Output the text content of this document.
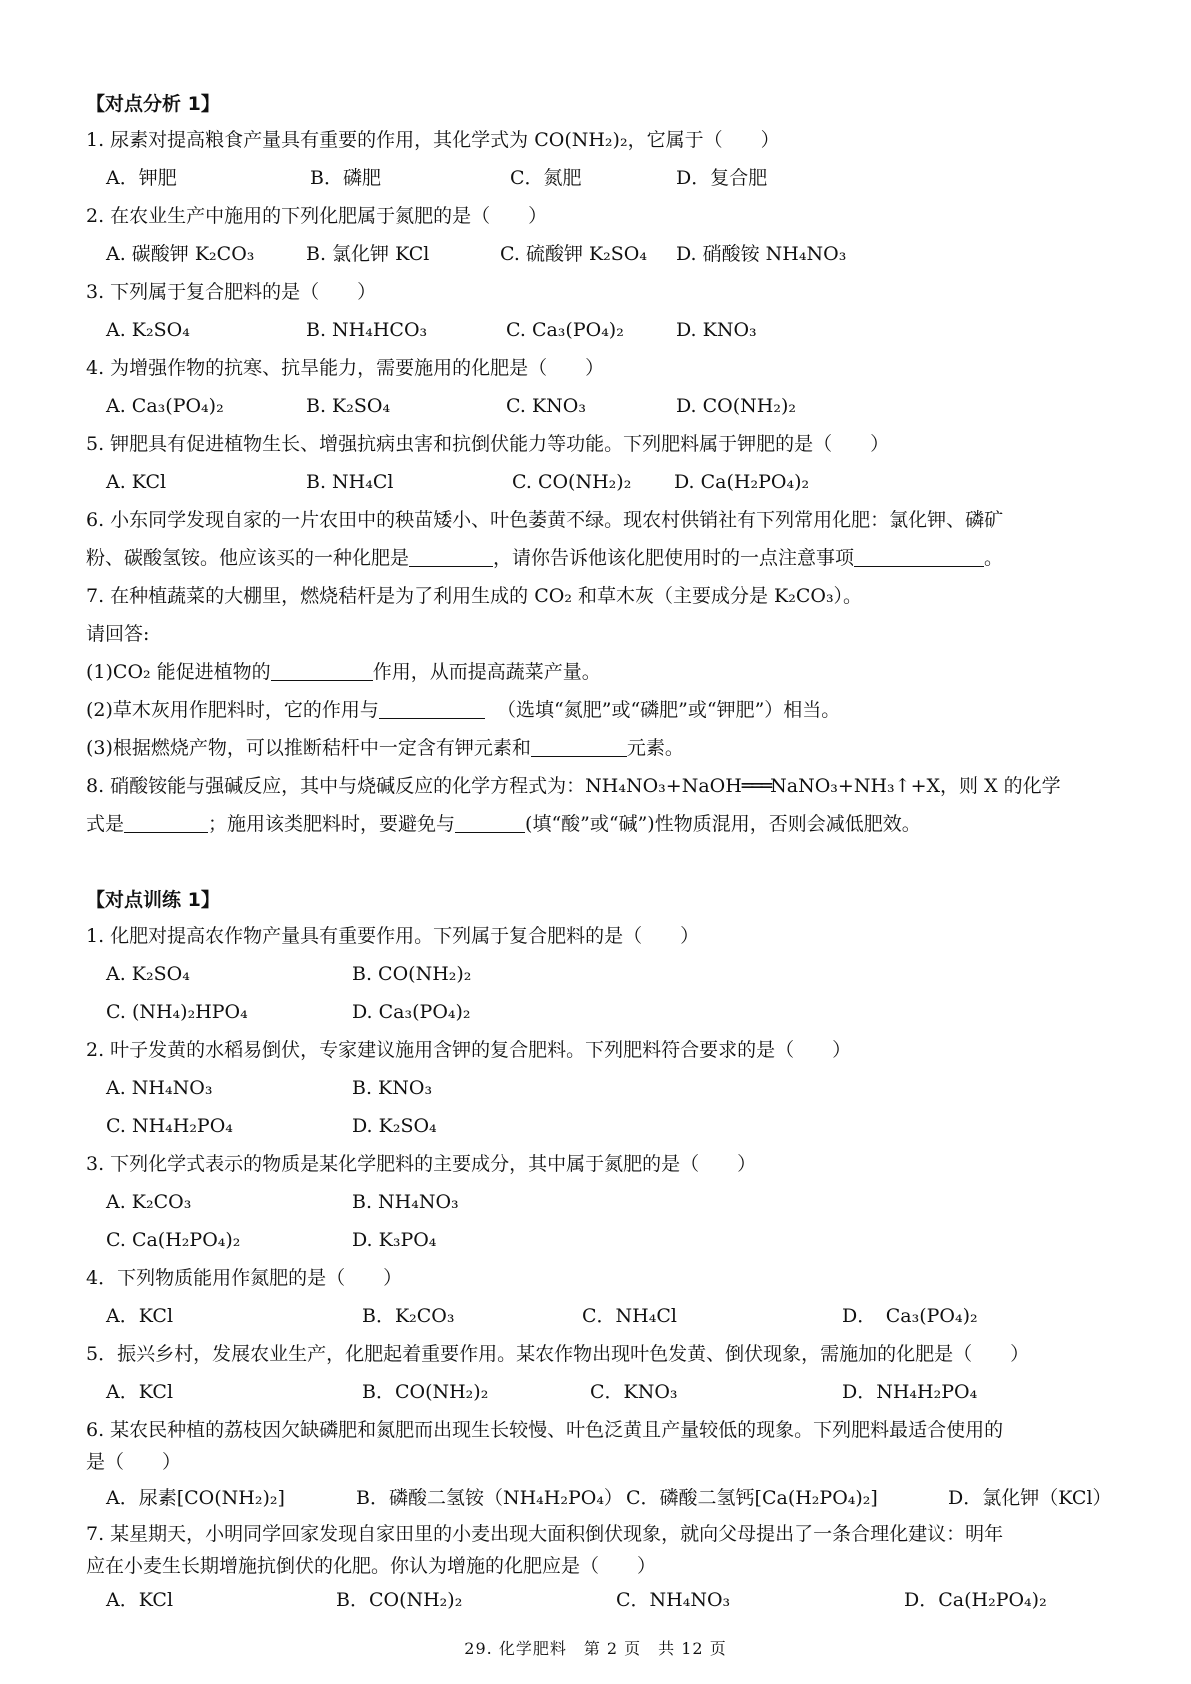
【对点分析 1】
1. 尿素对提高粮食产量具有重要的作用，其化学式为 CO(NH₂)₂，它属于（　　）
A．钾肥	B．磷肥	C．氮肥	D．复合肥
2. 在农业生产中施用的下列化肥属于氮肥的是（　　）
A. 碳酸钾 K₂CO₃	B. 氯化钾 KCl	C. 硫酸钾 K₂SO₄ D. 硝酸铵 NH₄NO₃
3. 下列属于复合肥料的是（　　）
A. K₂SO₄	B. NH₄HCO₃	C. Ca₃(PO₄)₂	D. KNO₃
4. 为增强作物的抗寒、抗旱能力，需要施用的化肥是（　　）
A. Ca₃(PO₄)₂	B. K₂SO₄	C. KNO₃	D. CO(NH₂)₂
5. 钾肥具有促进植物生长、增强抗病虫害和抗倒伏能力等功能。下列肥料属于钾肥的是（　　）
A. KCl	B. NH₄Cl	C. CO(NH₂)₂ D. Ca(H₂PO₄)₂
6. 小东同学发现自家的一片农田中的秧苗矮小、叶色萎黄不绿。现农村供销社有下列常用化肥：氯化钾、磷矿
粉、碳酸氢铵。他应该买的一种化肥是	，请你告诉他该化肥使用时的一点注意事项	。
7. 在种植蔬菜的大棚里，燃烧秸杆是为了利用生成的 CO₂ 和草木灰（主要成分是 K₂CO₃）。
请回答:
(1)CO₂ 能促进植物的	作用，从而提高蔬菜产量。
(2)草木灰用作肥料时，它的作用与	（选填“氮肥”或“磷肥”或“钾肥”）相当。
(3)根据燃烧产物，可以推断秸杆中一定含有钾元素和	元素。
8. 硝酸铵能与强碱反应，其中与烧碱反应的化学方程式为：NH₄NO₃+NaOH═══NaNO₃+NH₃↑+X，则 X 的化学
式是	；施用该类肥料时，要避免与	(填“酸”或“碱”)性物质混用，否则会减低肥效。
【对点训练 1】
1. 化肥对提高农作物产量具有重要作用。下列属于复合肥料的是（　　）
A. K₂SO₄	B. CO(NH₂)₂
C. (NH₄)₂HPO₄	D. Ca₃(PO₄)₂
2. 叶子发黄的水稻易倒伏，专家建议施用含钾的复合肥料。下列肥料符合要求的是（　　）
A. NH₄NO₃	B. KNO₃
C. NH₄H₂PO₄	D. K₂SO₄
3. 下列化学式表示的物质是某化学肥料的主要成分，其中属于氮肥的是（　　）
A. K₂CO₃	B. NH₄NO₃
C. Ca(H₂PO₄)₂	D. K₃PO₄
4．下列物质能用作氮肥的是（　　）
A．KCl	B．K₂CO₃	C．NH₄Cl	D．　Ca₃(PO₄)₂
5．振兴乡村，发展农业生产，化肥起着重要作用。某农作物出现叶色发黄、倒伏现象，需施加的化肥是（　　）
A．KCl	B．CO(NH₂)₂	C．KNO₃	D．NH₄H₂PO₄
6. 某农民种植的荔枝因欠缺磷肥和氮肥而出现生长较慢、叶色泛黄且产量较低的现象。下列肥料最适合使用的
是（　　）
A．尿素[CO(NH₂)₂]	B．磷酸二氢铵（NH₄H₂PO₄） C．磷酸二氢钙[Ca(H₂PO₄)₂]	D．氯化钾（KCl）
7. 某星期天，小明同学回家发现自家田里的小麦出现大面积倒伏现象，就向父母提出了一条合理化建议：明年
应在小麦生长期增施抗倒伏的化肥。你认为增施的化肥应是（　　）
A．KCl	B．CO(NH₂)₂	C．NH₄NO₃	D．Ca(H₂PO₄)₂
29. 化学肥料　第 2 页　共 12 页
